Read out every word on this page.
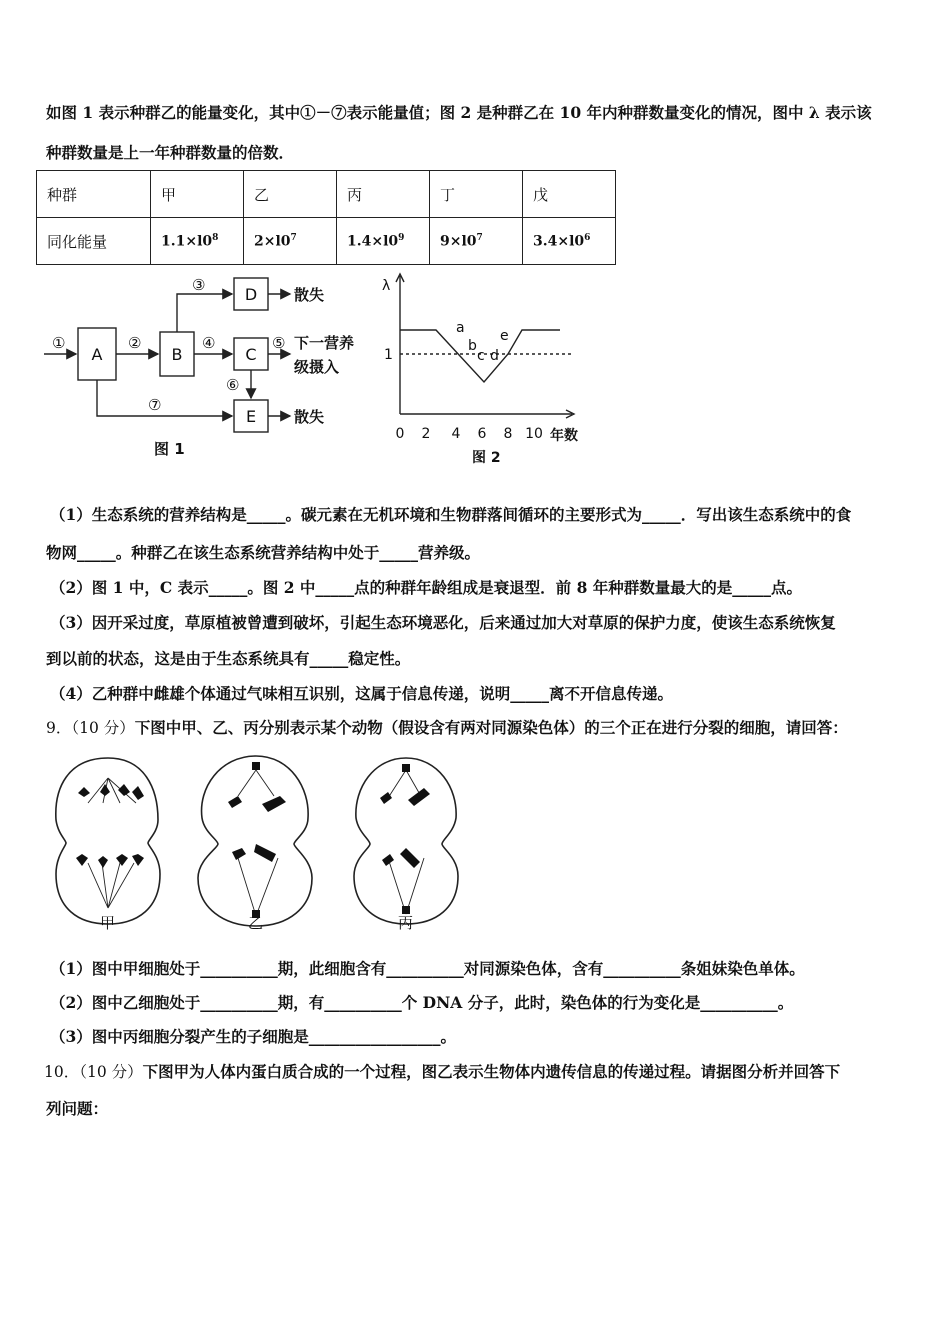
如图 1 表示种群乙的能量变化，其中①－⑦表示能量值；图 2 是种群乙在 10 年内种群数量变化的情况，图中 λ 表示该
种群数量是上一年种群数量的倍数．
种群	甲	乙	丙	丁	戊
同化能量	$1.1\times l0^8$	$2\times l0^7$	$1.4\times l0^9$	$9\times l0^7$	$3.4\times l0^6$
①	②
③
④	⑤
⑥
⑦
A	B
D
C
E
散失
下一营养
级摄入
散失
图 1
λ
1
0 2 4 6 8 10 年数
a
b
c d
e
图 2
（1）生态系统的营养结构是_____。碳元素在无机环境和生物群落间循环的主要形式为_____．写出该生态系统中的食
物网_____。种群乙在该生态系统营养结构中处于_____营养级。
（2）图 1 中，C 表示_____。图 2 中_____点的种群年龄组成是衰退型．前 8 年种群数量最大的是_____点。
（3）因开采过度，草原植被曾遭到破坏，引起生态环境恶化，后来通过加大对草原的保护力度，使该生态系统恢复
到以前的状态，这是由于生态系统具有_____稳定性。
（4）乙种群中雌雄个体通过气味相互识别，这属于信息传递，说明_____离不开信息传递。
9．（10 分）下图中甲、乙、丙分别表示某个动物（假设含有两对同源染色体）的三个正在进行分裂的细胞，请回答：
甲	乙	丙
（1）图中甲细胞处于__________期，此细胞含有__________对同源染色体，含有__________条姐妹染色单体。
（2）图中乙细胞处于__________期，有__________个 DNA 分子，此时，染色体的行为变化是__________。
（3）图中丙细胞分裂产生的子细胞是_________________。
10．（10 分）下图甲为人体内蛋白质合成的一个过程，图乙表示生物体内遗传信息的传递过程。请据图分析并回答下
列问题：
